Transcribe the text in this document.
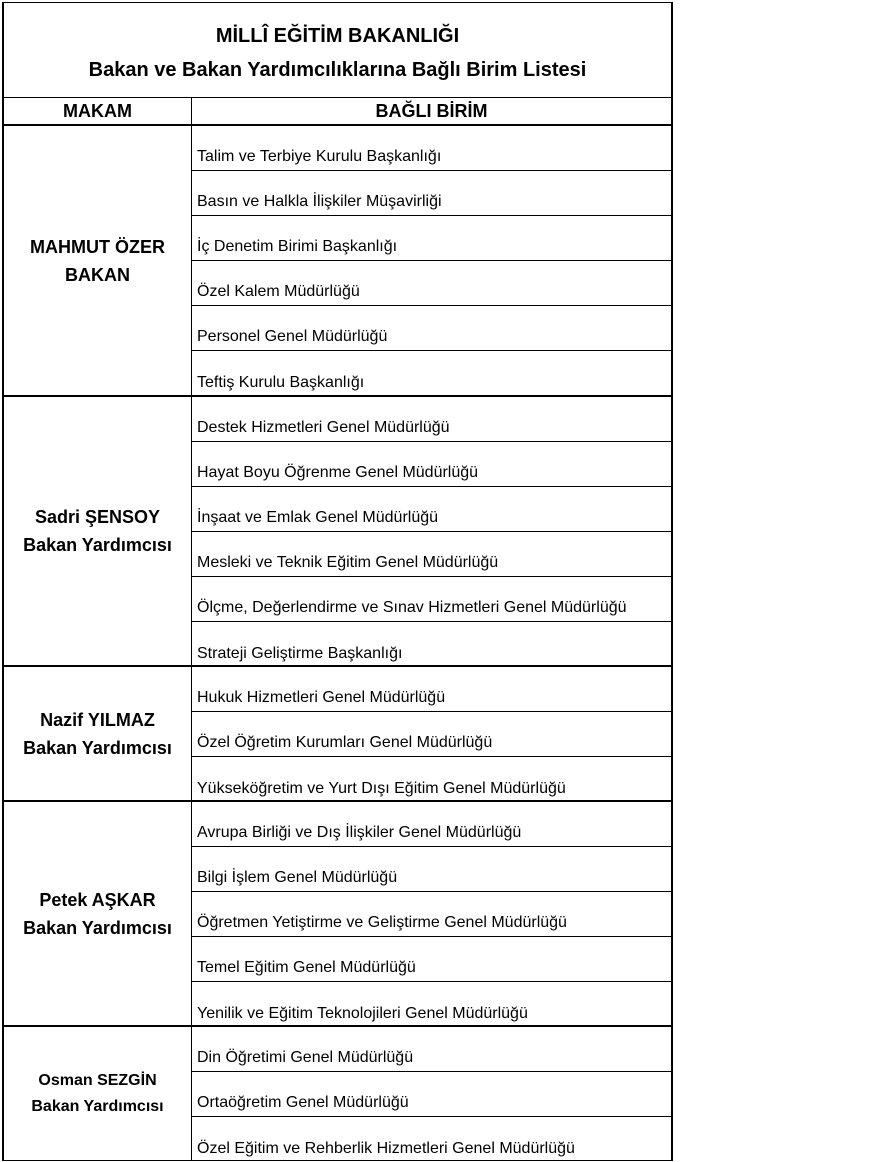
MİLLÎ EĞİTİM BAKANLIĞI
Bakan ve Bakan Yardımcılıklarına Bağlı Birim Listesi
MAKAM	BAĞLI BİRİM
MAHMUT ÖZER
BAKAN
Talim ve Terbiye Kurulu Başkanlığı
Basın ve Halkla İlişkiler Müşavirliği
İç Denetim Birimi Başkanlığı
Özel Kalem Müdürlüğü
Personel Genel Müdürlüğü
Teftiş Kurulu Başkanlığı
Sadri ŞENSOY
Bakan Yardımcısı
Destek Hizmetleri Genel Müdürlüğü
Hayat Boyu Öğrenme Genel Müdürlüğü
İnşaat ve Emlak Genel Müdürlüğü
Mesleki ve Teknik Eğitim Genel Müdürlüğü
Ölçme, Değerlendirme ve Sınav Hizmetleri Genel Müdürlüğü
Strateji Geliştirme Başkanlığı
Nazif YILMAZ
Bakan Yardımcısı
Hukuk Hizmetleri Genel Müdürlüğü
Özel Öğretim Kurumları Genel Müdürlüğü
Yükseköğretim ve Yurt Dışı Eğitim Genel Müdürlüğü
Petek AŞKAR
Bakan Yardımcısı
Avrupa Birliği ve Dış İlişkiler Genel Müdürlüğü
Bilgi İşlem Genel Müdürlüğü
Öğretmen Yetiştirme ve Geliştirme Genel Müdürlüğü
Temel Eğitim Genel Müdürlüğü
Yenilik ve Eğitim Teknolojileri Genel Müdürlüğü
Osman SEZGİN
Bakan Yardımcısı
Din Öğretimi Genel Müdürlüğü
Ortaöğretim Genel Müdürlüğü
Özel Eğitim ve Rehberlik Hizmetleri Genel Müdürlüğü
